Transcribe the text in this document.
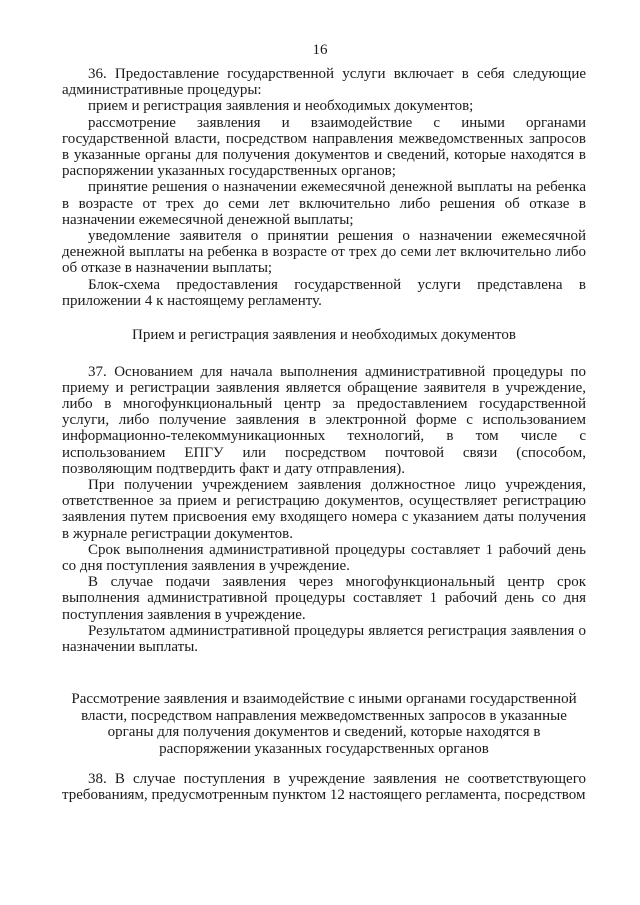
16

36. Предоставление государственной услуги включает в себя следующие административные процедуры:

прием и регистрация заявления и необходимых документов;

рассмотрение заявления и взаимодействие с иными органами государственной власти, посредством направления межведомственных запросов в указанные органы для получения документов и сведений, которые находятся в распоряжении указанных государственных органов;

принятие решения о назначении ежемесячной денежной выплаты на ребенка в возрасте от трех до семи лет включительно либо решения об отказе в назначении ежемесячной денежной выплаты;

уведомление заявителя о принятии решения о назначении ежемесячной денежной выплаты на ребенка в возрасте от трех до семи лет включительно либо об отказе в назначении выплаты;

Блок-схема предоставления государственной услуги представлена в приложении 4 к настоящему регламенту.

Прием и регистрация заявления и необходимых документов

37. Основанием для начала выполнения административной процедуры по приему и регистрации заявления является обращение заявителя в учреждение, либо в многофункциональный центр за предоставлением государственной услуги, либо получение заявления в электронной форме с использованием информационно-телекоммуникационных технологий, в том числе с использованием ЕПГУ или посредством почтовой связи (способом, позволяющим подтвердить факт и дату отправления).

При получении учреждением заявления должностное лицо учреждения, ответственное за прием и регистрацию документов, осуществляет регистрацию заявления путем присвоения ему входящего номера с указанием даты получения в журнале регистрации документов.

Срок выполнения административной процедуры составляет 1 рабочий день со дня поступления заявления в учреждение.

В случае подачи заявления через многофункциональный центр срок выполнения административной процедуры составляет 1 рабочий день со дня поступления заявления в учреждение.

Результатом административной процедуры является регистрация заявления о назначении выплаты.

Рассмотрение заявления и взаимодействие с иными органами государственной власти, посредством направления межведомственных запросов в указанные органы для получения документов и сведений, которые находятся в распоряжении указанных государственных органов

38. В случае поступления в учреждение заявления не соответствующего требованиям, предусмотренным пунктом 12 настоящего регламента, посредством
